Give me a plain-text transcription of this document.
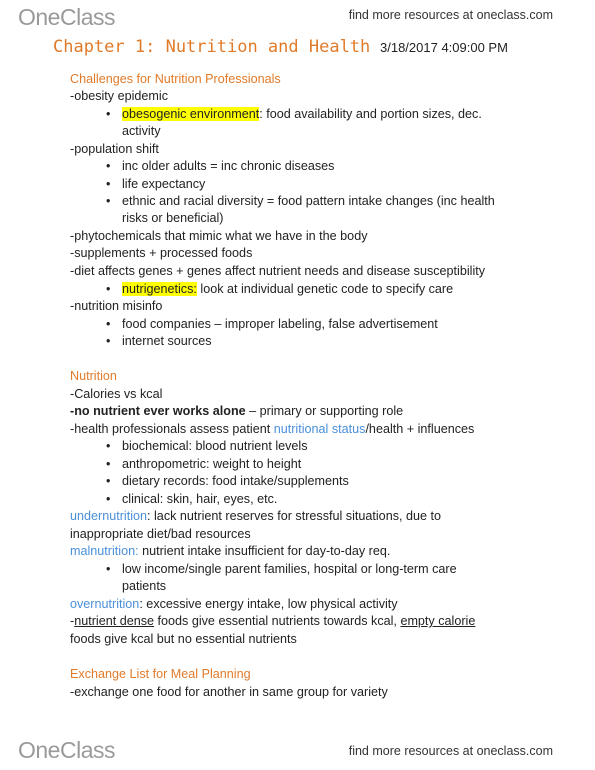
OneClass	find more resources at oneclass.com
Chapter 1: Nutrition and Health 3/18/2017 4:09:00 PM
Challenges for Nutrition Professionals
-obesity epidemic
• obesogenic environment: food availability and portion sizes, dec.
activity
-population shift
• inc older adults = inc chronic diseases
• life expectancy
• ethnic and racial diversity = food pattern intake changes (inc health
risks or beneficial)
-phytochemicals that mimic what we have in the body
-supplements + processed foods
-diet affects genes + genes affect nutrient needs and disease susceptibility
• nutrigenetics: look at individual genetic code to specify care
-nutrition misinfo
• food companies – improper labeling, false advertisement
• internet sources
Nutrition
-Calories vs kcal
-no nutrient ever works alone – primary or supporting role
-health professionals assess patient nutritional status/health + influences
• biochemical: blood nutrient levels
• anthropometric: weight to height
• dietary records: food intake/supplements
• clinical: skin, hair, eyes, etc.
undernutrition: lack nutrient reserves for stressful situations, due to
inappropriate diet/bad resources
malnutrition: nutrient intake insufficient for day-to-day req.
• low income/single parent families, hospital or long-term care
patients
overnutrition: excessive energy intake, low physical activity
-nutrient dense foods give essential nutrients towards kcal, empty calorie
foods give kcal but no essential nutrients
Exchange List for Meal Planning
-exchange one food for another in same group for variety
OneClass	find more resources at oneclass.com
